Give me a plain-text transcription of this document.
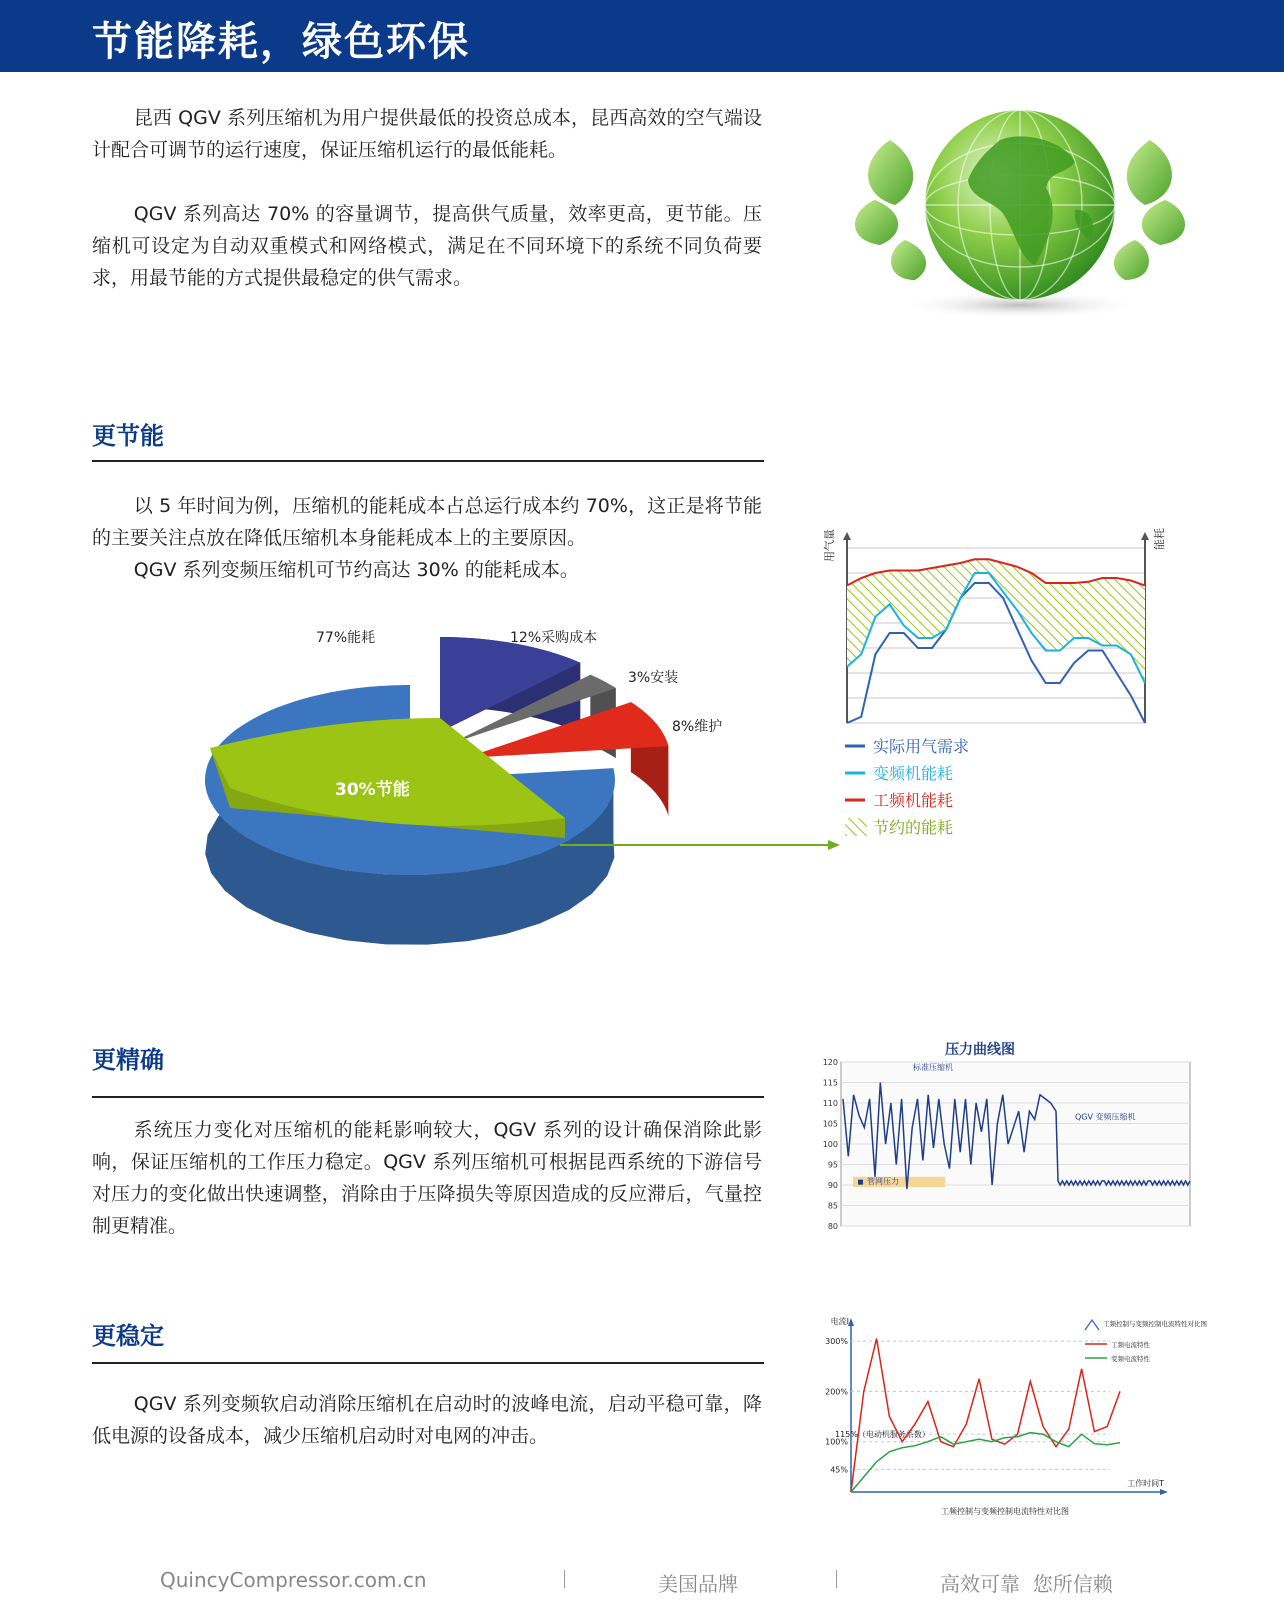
节能降耗，绿色环保

昆西 QGV 系列压缩机为用户提供最低的投资总成本，昆西高效的空气端设计配合可调节的运行速度，保证压缩机运行的最低能耗。

QGV 系列高达 70% 的容量调节，提高供气质量，效率更高，更节能。压缩机可设定为自动双重模式和网络模式，满足在不同环境下的系统不同负荷要求，用最节能的方式提供最稳定的供气需求。

更节能

以 5 年时间为例，压缩机的能耗成本占总运行成本约 70%，这正是将节能的主要关注点放在降低压缩机本身能耗成本上的主要原因。

QGV 系列变频压缩机可节约高达 30% 的能耗成本。

30%节能
77%能耗	12%采购成本
3%安装
8%维护
用气量	能耗
实际用气需求
变频机能耗
工频机能耗
节约的能耗
更精确

系统压力变化对压缩机的能耗影响较大，QGV 系列的设计确保消除此影响，保证压缩机的工作压力稳定。QGV 系列压缩机可根据昆西系统的下游信号对压力的变化做出快速调整，消除由于压降损失等原因造成的反应滞后，气量控制更精准。

压力曲线图
80
85
90
95
100
105
110
115
120
管网压力
标准压缩机
QGV 变频压缩机
更稳定

QGV 系列变频软启动消除压缩机在启动时的波峰电流，启动平稳可靠，降低电源的设备成本，减少压缩机启动时对电网的冲击。

电流I
工作时间T
300%
200%
115%（电动机服务系数）
100%
45%
工频控制与变频控制电流特性对比图
工频电流特性
变频电流特性
工频控制与变频控制电流特性对比图
QuincyCompressor.com.cn	美国品牌	高效可靠  您所信赖
